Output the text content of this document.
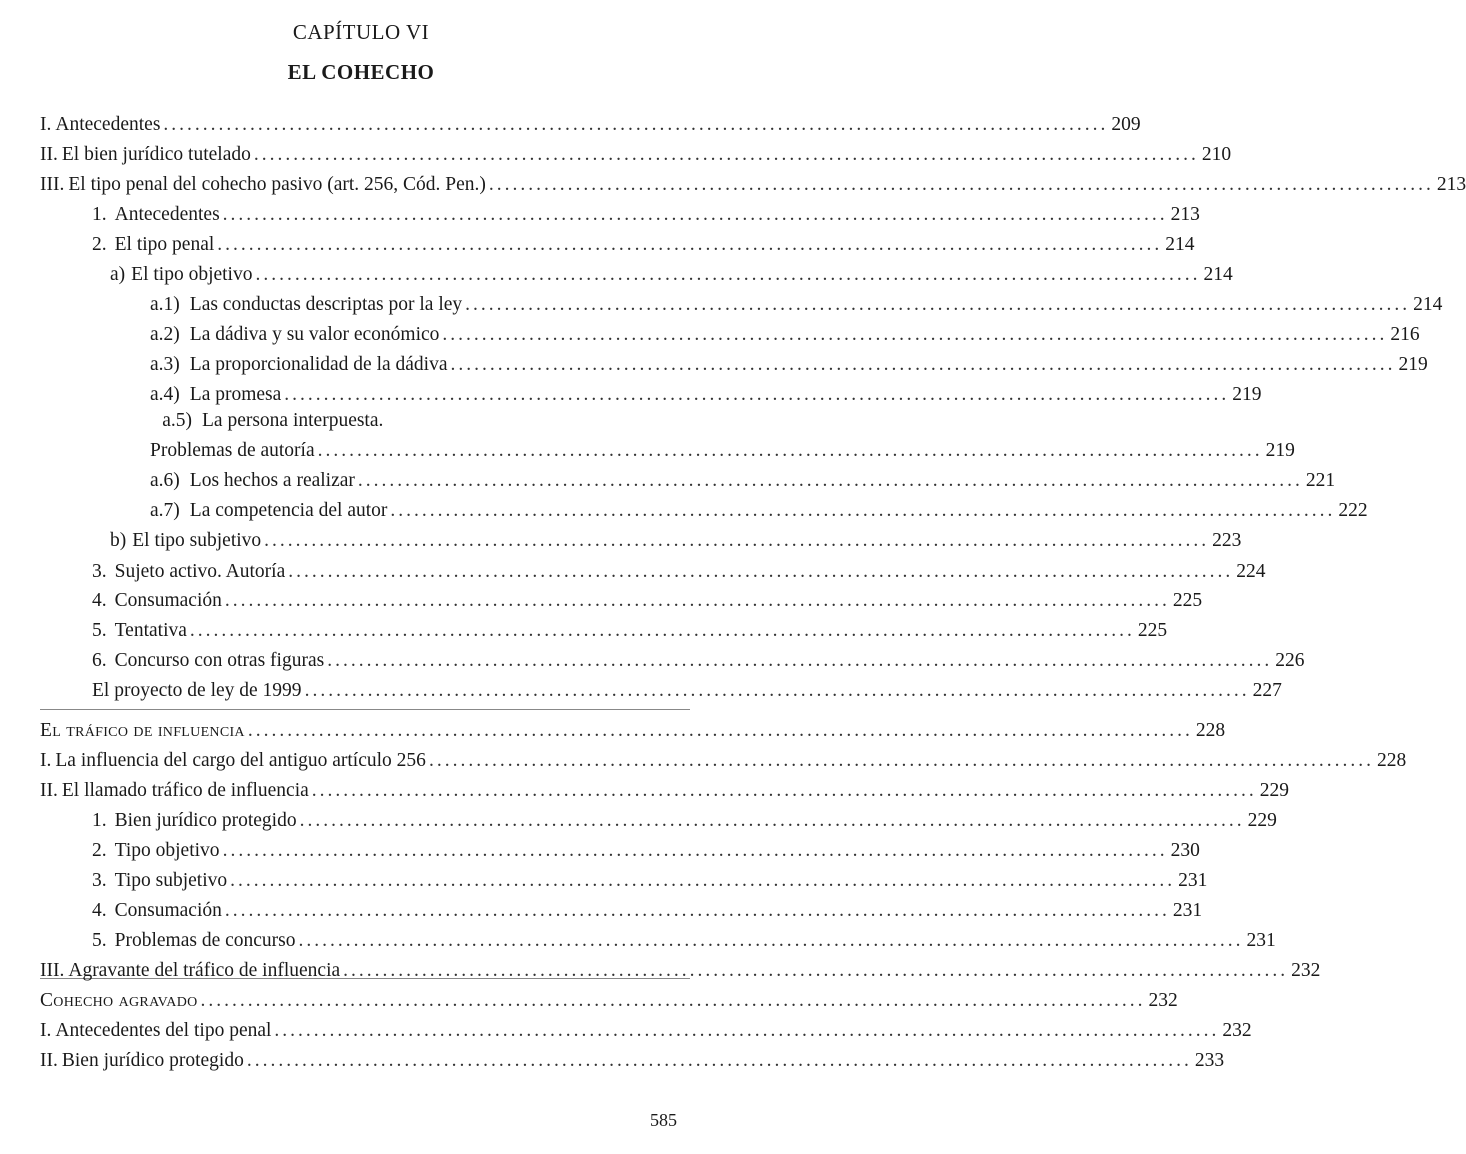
CAPÍTULO VI
EL COHECHO
I. Antecedentes ........................................................................................................................ 209
II. El bien jurídico tutelado ........................................................................................................................ 210
III. El tipo penal del cohecho pasivo (art. 256, Cód. Pen.) ........................................................................................................................ 213
1. Antecedentes ........................................................................................................................ 213
2. El tipo penal ........................................................................................................................ 214
a) El tipo objetivo ........................................................................................................................ 214
a.1) Las conductas descriptas por la ley ........................................................................................................................ 214
a.2) La dádiva y su valor económico ........................................................................................................................ 216
a.3) La proporcionalidad de la dádiva ........................................................................................................................ 219
a.4) La promesa ........................................................................................................................ 219
a.5) La persona interpuesta.
Problemas de autoría ........................................................................................................................ 219
a.6) Los hechos a realizar ........................................................................................................................ 221
a.7) La competencia del autor ........................................................................................................................ 222
b) El tipo subjetivo ........................................................................................................................ 223
3. Sujeto activo. Autoría ........................................................................................................................ 224
4. Consumación ........................................................................................................................ 225
5. Tentativa ........................................................................................................................ 225
6. Concurso con otras figuras ........................................................................................................................ 226
El proyecto de ley de 1999 ........................................................................................................................ 227
El tráfico de influencia ........................................................................................................................ 228
I. La influencia del cargo del antiguo artículo 256 ........................................................................................................................ 228
II. El llamado tráfico de influencia ........................................................................................................................ 229
1. Bien jurídico protegido ........................................................................................................................ 229
2. Tipo objetivo ........................................................................................................................ 230
3. Tipo subjetivo ........................................................................................................................ 231
4. Consumación ........................................................................................................................ 231
5. Problemas de concurso ........................................................................................................................ 231
III. Agravante del tráfico de influencia ........................................................................................................................ 232
Cohecho agravado ........................................................................................................................ 232
I. Antecedentes del tipo penal ........................................................................................................................ 232
II. Bien jurídico protegido ........................................................................................................................ 233
585
